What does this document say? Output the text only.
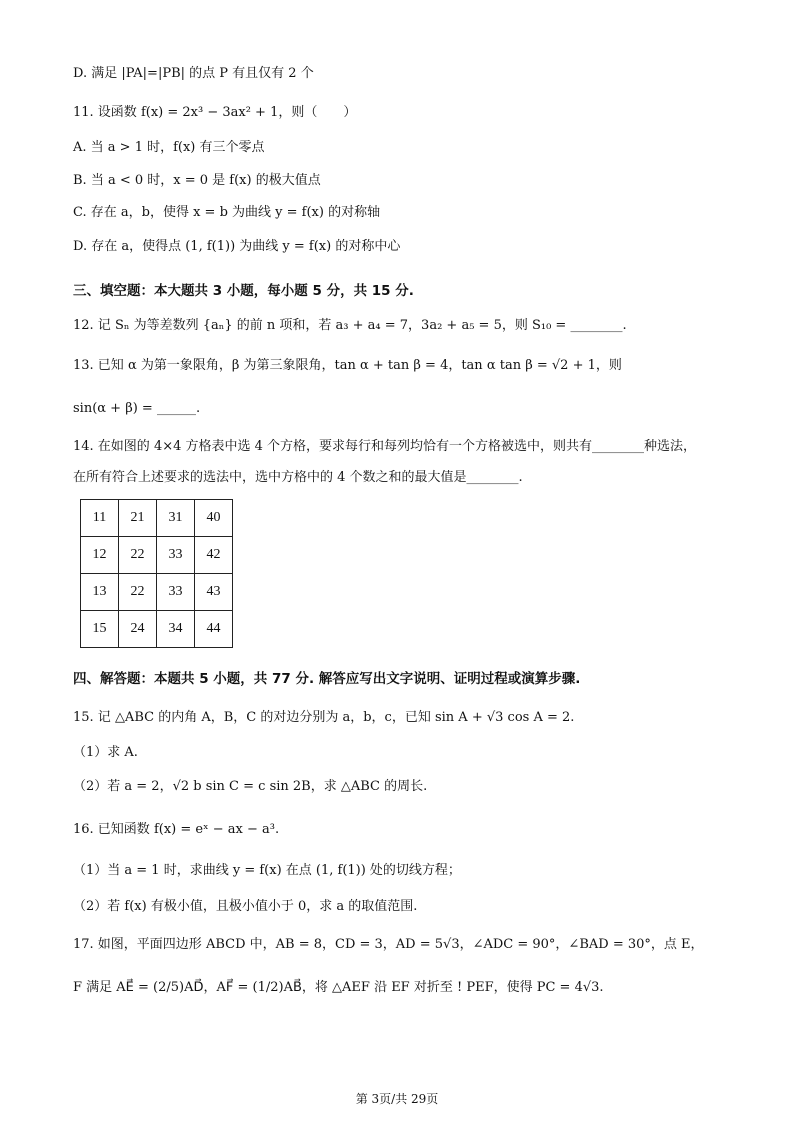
D. 满足 |PA|=|PB| 的点 P 有且仅有 2 个
11. 设函数 f(x) = 2x³ − 3ax² + 1，则（　　）
A. 当 a > 1 时，f(x) 有三个零点
B. 当 a < 0 时，x = 0 是 f(x) 的极大值点
C. 存在 a，b，使得 x = b 为曲线 y = f(x) 的对称轴
D. 存在 a，使得点 (1, f(1)) 为曲线 y = f(x) 的对称中心
三、填空题：本大题共 3 小题，每小题 5 分，共 15 分.
12. 记 Sₙ 为等差数列 {aₙ} 的前 n 项和，若 a₃ + a₄ = 7，3a₂ + a₅ = 5，则 S₁₀ = ________.
13. 已知 α 为第一象限角，β 为第三象限角，tan α + tan β = 4，tan α tan β = √2 + 1，则
sin(α + β) = ______.
14. 在如图的 4×4 方格表中选 4 个方格，要求每行和每列均恰有一个方格被选中，则共有________种选法，
在所有符合上述要求的选法中，选中方格中的 4 个数之和的最大值是________.
11	21	31	40
12	22	33	42
13	22	33	43
15	24	34	44
四、解答题：本题共 5 小题，共 77 分. 解答应写出文字说明、证明过程或演算步骤.
15. 记 △ABC 的内角 A，B，C 的对边分别为 a，b，c，已知 sin A + √3 cos A = 2.
（1）求 A.
（2）若 a = 2，√2 b sin C = c sin 2B，求 △ABC 的周长.
16. 已知函数 f(x) = eˣ − ax − a³.
（1）当 a = 1 时，求曲线 y = f(x) 在点 (1, f(1)) 处的切线方程；
（2）若 f(x) 有极小值，且极小值小于 0，求 a 的取值范围.
17. 如图，平面四边形 ABCD 中，AB = 8，CD = 3，AD = 5√3，∠ADC = 90°，∠BAD = 30°，点 E，
F 满足 AE⃗ = (2/5)AD⃗，AF⃗ = (1/2)AB⃗，将 △AEF 沿 EF 对折至 ! PEF，使得 PC = 4√3.
第 3页/共 29页
